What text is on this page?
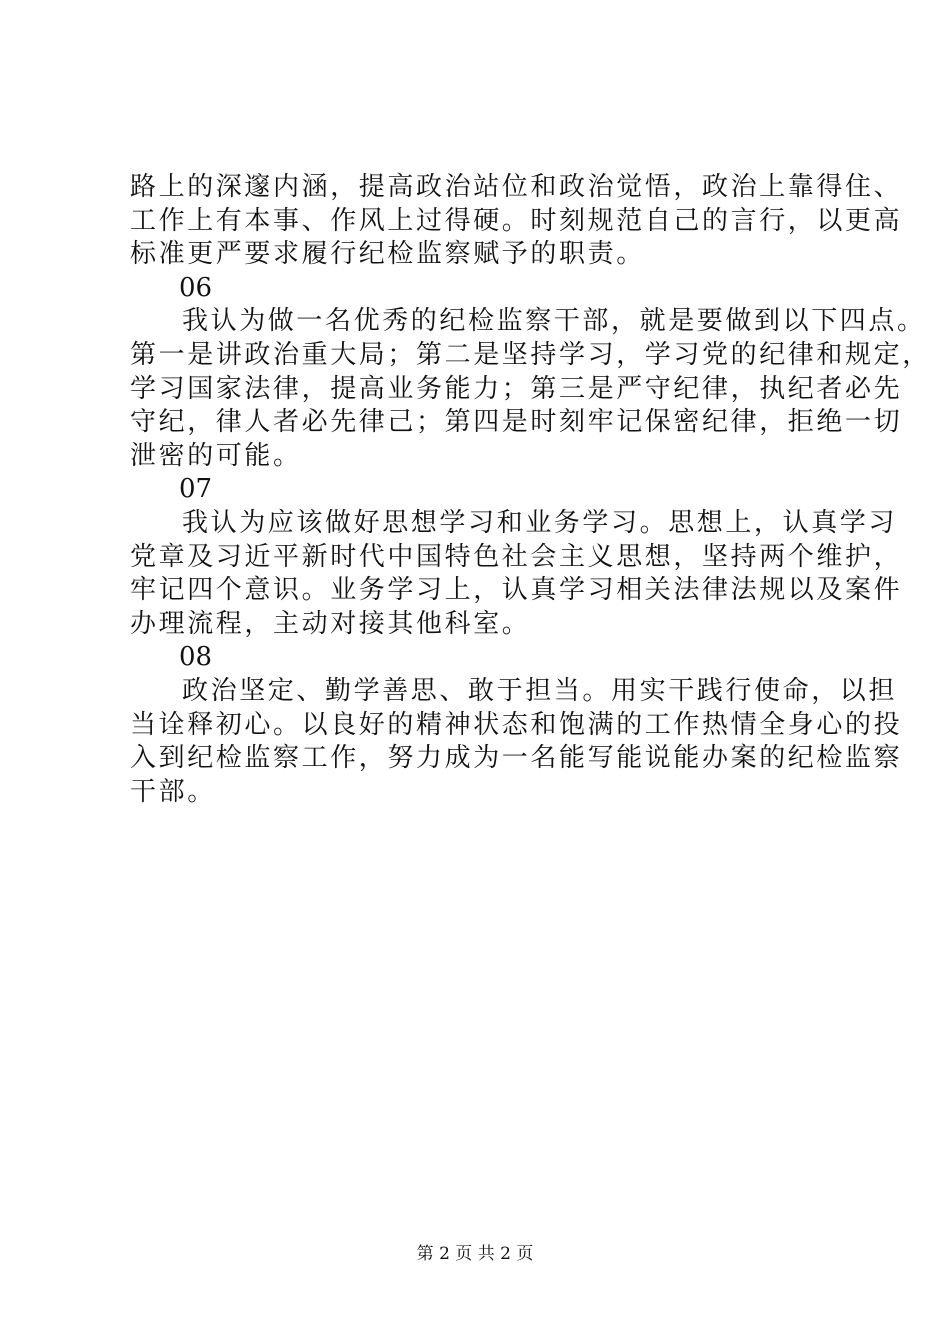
路上的深邃内涵，提高政治站位和政治觉悟，政治上靠得住、
工作上有本事、作风上过得硬。时刻规范自己的言行，以更高
标准更严要求履行纪检监察赋予的职责。
06
我认为做一名优秀的纪检监察干部，就是要做到以下四点。
第一是讲政治重大局；第二是坚持学习，学习党的纪律和规定，
学习国家法律，提高业务能力；第三是严守纪律，执纪者必先
守纪，律人者必先律己；第四是时刻牢记保密纪律，拒绝一切
泄密的可能。
07
我认为应该做好思想学习和业务学习。思想上，认真学习
党章及习近平新时代中国特色社会主义思想，坚持两个维护，
牢记四个意识。业务学习上，认真学习相关法律法规以及案件
办理流程，主动对接其他科室。
08
政治坚定、勤学善思、敢于担当。用实干践行使命，以担
当诠释初心。以良好的精神状态和饱满的工作热情全身心的投
入到纪检监察工作，努力成为一名能写能说能办案的纪检监察
干部。
第 2 页 共 2 页
